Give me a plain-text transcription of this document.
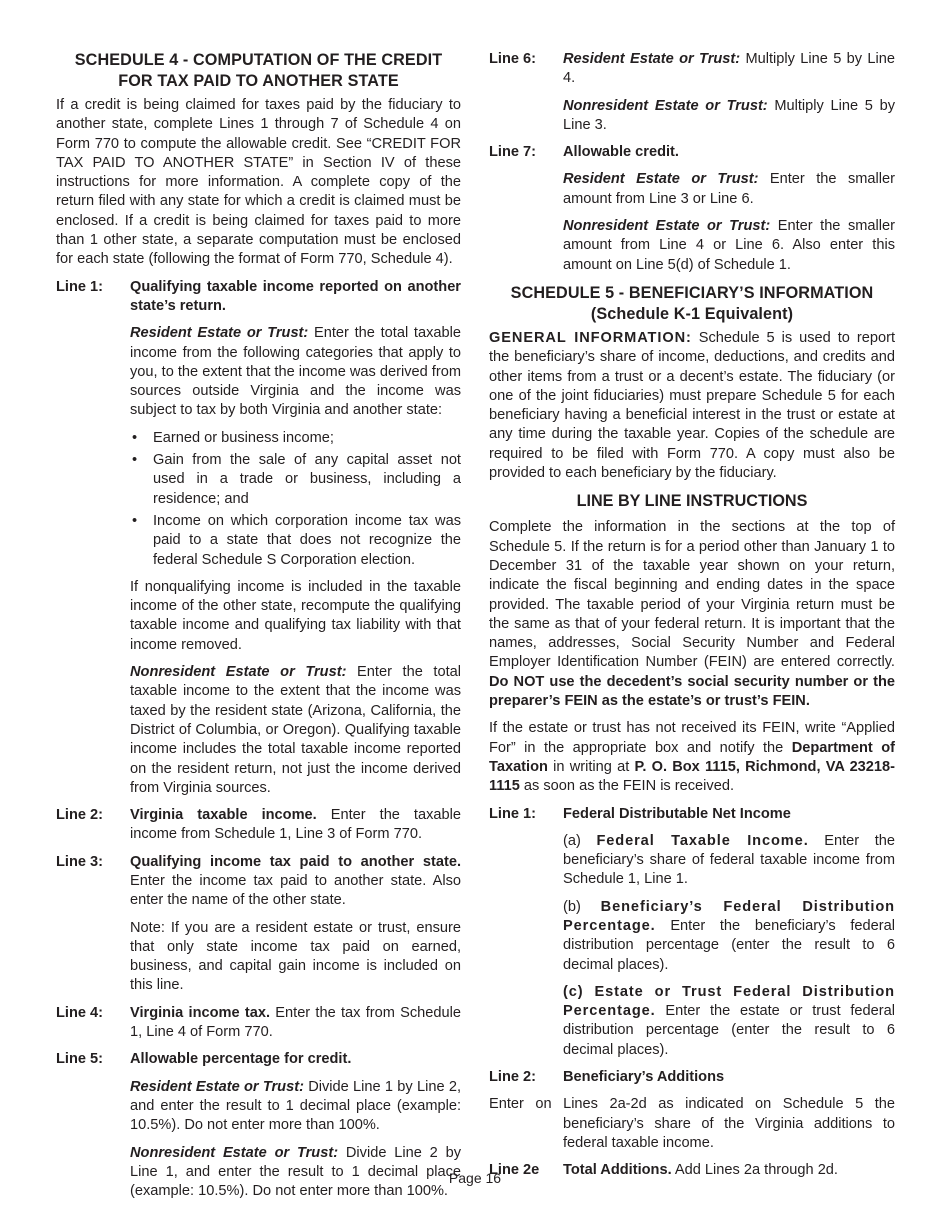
SCHEDULE 4 - COMPUTATION OF THE CREDIT FOR TAX PAID TO ANOTHER STATE

If a credit is being claimed for taxes paid by the fiduciary to another state, complete Lines 1 through 7 of Schedule 4 on Form 770 to compute the allowable credit. See “CREDIT FOR TAX PAID TO ANOTHER STATE” in Section IV of these instructions for more information. A complete copy of the return filed with any state for which a credit is claimed must be enclosed. If a credit is being claimed for taxes paid to more than 1 other state, a separate computation must be enclosed for each state (following the format of Form 770, Schedule 4).

Line 1:	Qualifying taxable income reported on another state’s return.

Resident Estate or Trust: Enter the total taxable income from the following categories that apply to you, to the extent that the income was derived from sources outside Virginia and the income was subject to tax by both Virginia and another state:

• Earned or business income;
• Gain from the sale of any capital asset not used in a trade or business, including a residence; and
• Income on which corporation income tax was paid to a state that does not recognize the federal Schedule S Corporation election.

If nonqualifying income is included in the taxable income of the other state, recompute the qualifying taxable income and qualifying tax liability with that income removed.

Nonresident Estate or Trust: Enter the total taxable income to the extent that the income was taxed by the resident state (Arizona, California, the District of Columbia, or Oregon). Qualifying taxable income includes the total taxable income reported on the resident return, not just the income derived from Virginia sources.

Line 2:	Virginia taxable income. Enter the taxable income from Schedule 1, Line 3 of Form 770.
Line 3:	Qualifying income tax paid to another state. Enter the income tax paid to another state. Also enter the name of the other state.

Note: If you are a resident estate or trust, ensure that only state income tax paid on earned, business, and capital gain income is included on this line.

Line 4:	Virginia income tax. Enter the tax from Schedule 1, Line 4 of Form 770.
Line 5:	Allowable percentage for credit.

Resident Estate or Trust: Divide Line 1 by Line 2, and enter the result to 1 decimal place (example: 10.5%). Do not enter more than 100%.

Nonresident Estate or Trust: Divide Line 2 by Line 1, and enter the result to 1 decimal place (example: 10.5%). Do not enter more than 100%.

Line 6:	Resident Estate or Trust: Multiply Line 5 by Line 4.

Nonresident Estate or Trust: Multiply Line 5 by Line 3.

Line 7:	Allowable credit.

Resident Estate or Trust: Enter the smaller amount from Line 3 or Line 6.

Nonresident Estate or Trust: Enter the smaller amount from Line 4 or Line 6. Also enter this amount on Line 5(d) of Schedule 1.

SCHEDULE 5 - BENEFICIARY’S INFORMATION
(Schedule K-1 Equivalent)

GENERAL INFORMATION: Schedule 5 is used to report the beneficiary’s share of income, deductions, and credits and other items from a trust or a decent’s estate. The fiduciary (or one of the joint fiduciaries) must prepare Schedule 5 for each beneficiary having a beneficial interest in the trust or estate at any time during the taxable year. Copies of the schedule are required to be filed with Form 770. A copy must also be provided to each beneficiary by the fiduciary.

LINE BY LINE INSTRUCTIONS

Complete the information in the sections at the top of Schedule 5. If the return is for a period other than January 1 to December 31 of the taxable year shown on your return, indicate the fiscal beginning and ending dates in the space provided. The taxable period of your Virginia return must be the same as that of your federal return. It is important that the names, addresses, Social Security Number and Federal Employer Identification Number (FEIN) are entered correctly. Do NOT use the decedent’s social security number or the preparer’s FEIN as the estate’s or trust’s FEIN.

If the estate or trust has not received its FEIN, write “Applied For” in the appropriate box and notify the Department of Taxation in writing at P. O. Box 1115, Richmond, VA 23218-1115 as soon as the FEIN is received.

Line 1:	Federal Distributable Net Income

(a) Federal Taxable Income. Enter the beneficiary’s share of federal taxable income from Schedule 1, Line 1.

(b) Beneficiary’s Federal Distribution Percentage. Enter the beneficiary’s federal distribution percentage (enter the result to 6 decimal places).

(c) Estate or Trust Federal Distribution Percentage. Enter the estate or trust federal distribution percentage (enter the result to 6 decimal places).

Line 2:	Beneficiary’s Additions

Enter on Lines 2a-2d as indicated on Schedule 5 the beneficiary’s share of the Virginia additions to federal taxable income.

Line 2e	Total Additions. Add Lines 2a through 2d.
Page 16
